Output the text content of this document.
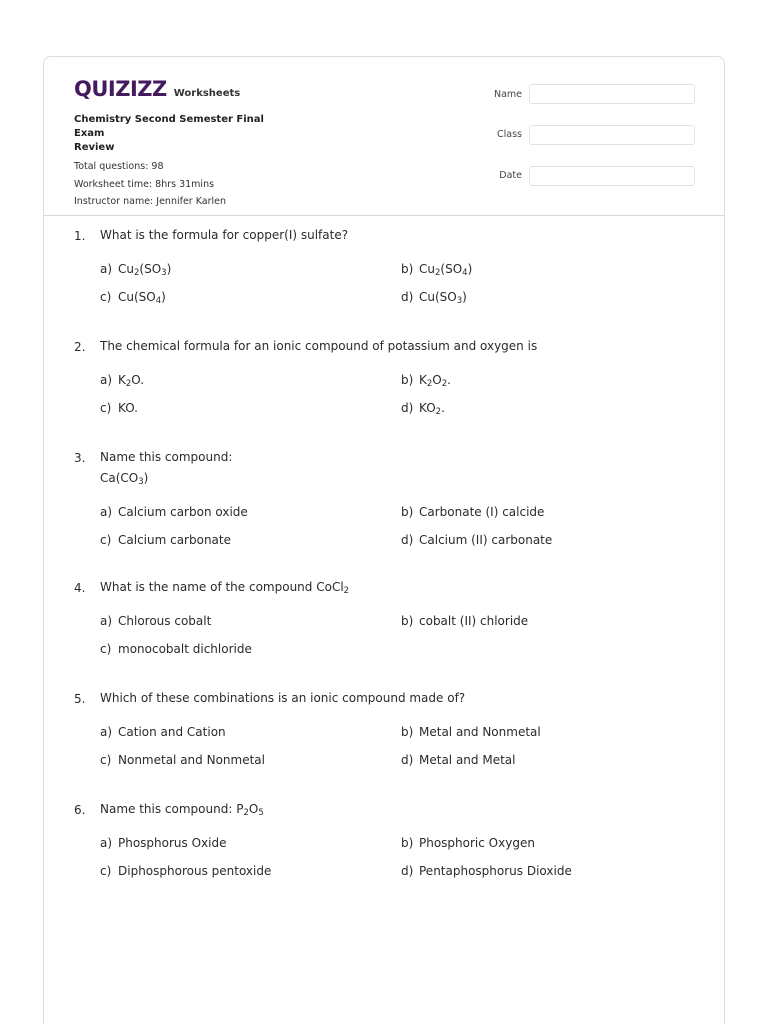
QUIZIZZ Worksheets
Chemistry Second Semester Final Exam
Review
Total questions: 98
Worksheet time: 8hrs 31mins
Instructor name: Jennifer Karlen
Name
Class
Date
1. What is the formula for copper(I) sulfate?
a) $Cu_2(SO_3)$	b) $Cu_2(SO_4)$
c) $Cu(SO_4)$	d) $Cu(SO_3)$
2. The chemical formula for an ionic compound of potassium and oxygen is
a) $K_2O$.	b) $K_2O_2$.
c) KO.	d) $KO_2$.
3. Name this compound:
$Ca(CO_3)$
a) Calcium carbon oxide	b) Carbonate (I) calcide
c) Calcium carbonate	d) Calcium (II) carbonate
4. What is the name of the compound CoCl$_2$
a) Chlorous cobalt	b) cobalt (II) chloride
c) monocobalt dichloride
5. Which of these combinations is an ionic compound made of?
a) Cation and Cation	b) Metal and Nonmetal
c) Nonmetal and Nonmetal	d) Metal and Metal
6. Name this compound: $P_2O_5$
a) Phosphorus Oxide	b) Phosphoric Oxygen
c) Diphosphorous pentoxide	d) Pentaphosphorus Dioxide
